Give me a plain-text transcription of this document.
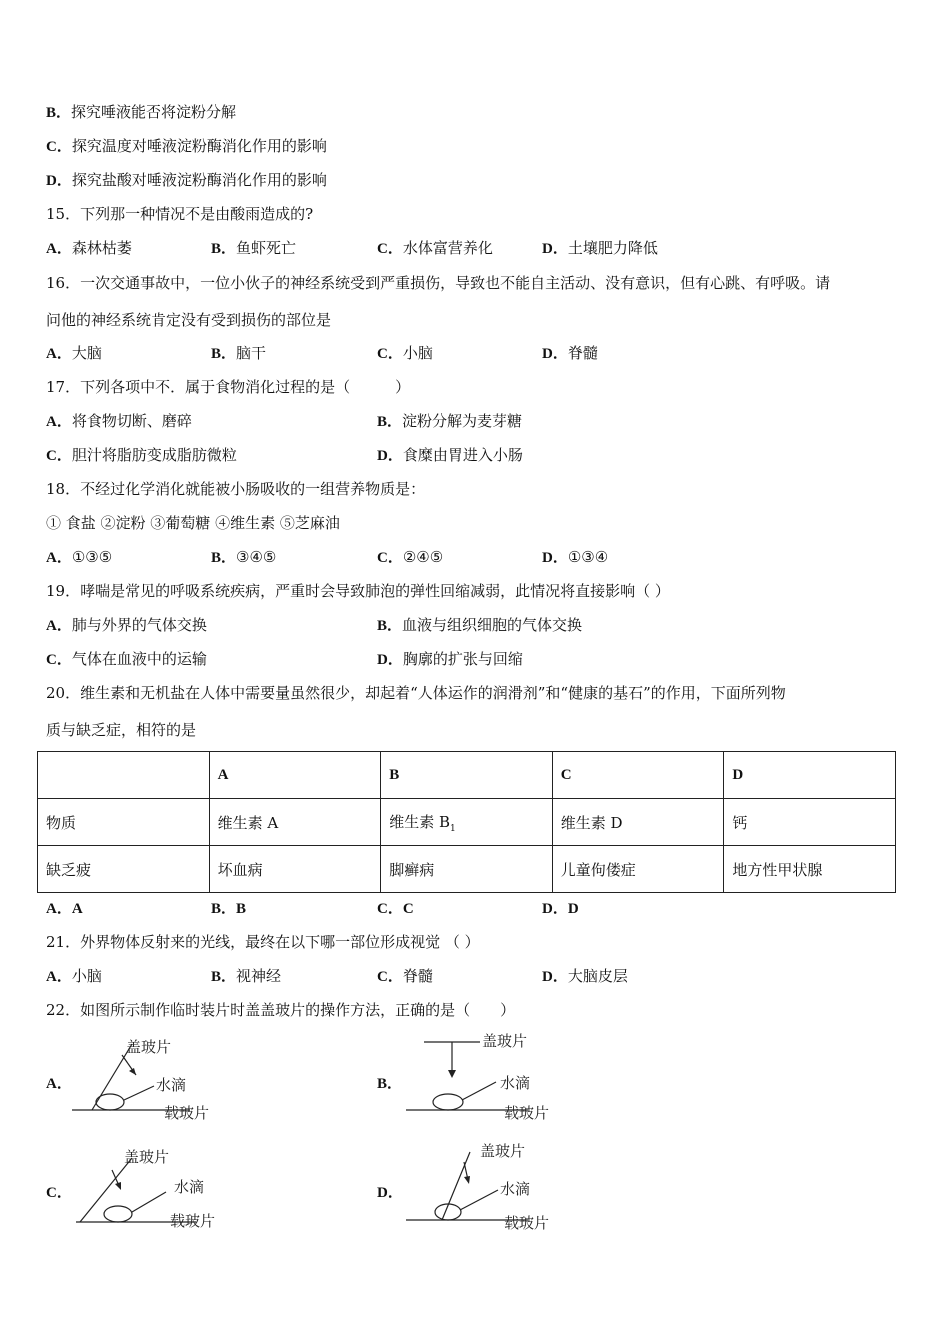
B．探究唾液能否将淀粉分解
C．探究温度对唾液淀粉酶消化作用的影响
D．探究盐酸对唾液淀粉酶消化作用的影响
15．下列那一种情况不是由酸雨造成的?
A．森林枯萎	B．鱼虾死亡	C．水体富营养化	D．土壤肥力降低
16．一次交通事故中，一位小伙子的神经系统受到严重损伤，导致也不能自主活动、没有意识，但有心跳、有呼吸。请
问他的神经系统肯定没有受到损伤的部位是
A．大脑	B．脑干	C．小脑	D．脊髓
17．下列各项中不．属于食物消化过程的是（　　　）
A．将食物切断、磨碎	B．淀粉分解为麦芽糖
C．胆汁将脂肪变成脂肪微粒	D．食糜由胃进入小肠
18．不经过化学消化就能被小肠吸收的一组营养物质是：
① 食盐 ②淀粉 ③葡萄糖 ④维生素 ⑤芝麻油
A．①③⑤	B．③④⑤	C．②④⑤	D．①③④
19．哮喘是常见的呼吸系统疾病，严重时会导致肺泡的弹性回缩减弱，此情况将直接影响（ ）
A．肺与外界的气体交换	B．血液与组织细胞的气体交换
C．气体在血液中的运输	D．胸廓的扩张与回缩
20．维生素和无机盐在人体中需要量虽然很少，却起着“人体运作的润滑剂”和“健康的基石”的作用，下面所列物
质与缺乏症，相符的是
	A	B	C	D
物质	维生素 A	维生素 $B_1$	维生素 D	钙
缺乏疲	坏血病	脚癣病	儿童佝偻症	地方性甲状腺
A．A	B．B	C．C	D．D
21．外界物体反射来的光线，最终在以下哪一部位形成视觉 （ ）
A．小脑	B．视神经	C．脊髓	D．大脑皮层
22．如图所示制作临时装片时盖盖玻片的操作方法，正确的是（　　）
A．
盖玻片
水滴
载玻片
B．
盖玻片
水滴
载玻片
C．
盖玻片
水滴
载玻片
D．
盖玻片
水滴
载玻片
